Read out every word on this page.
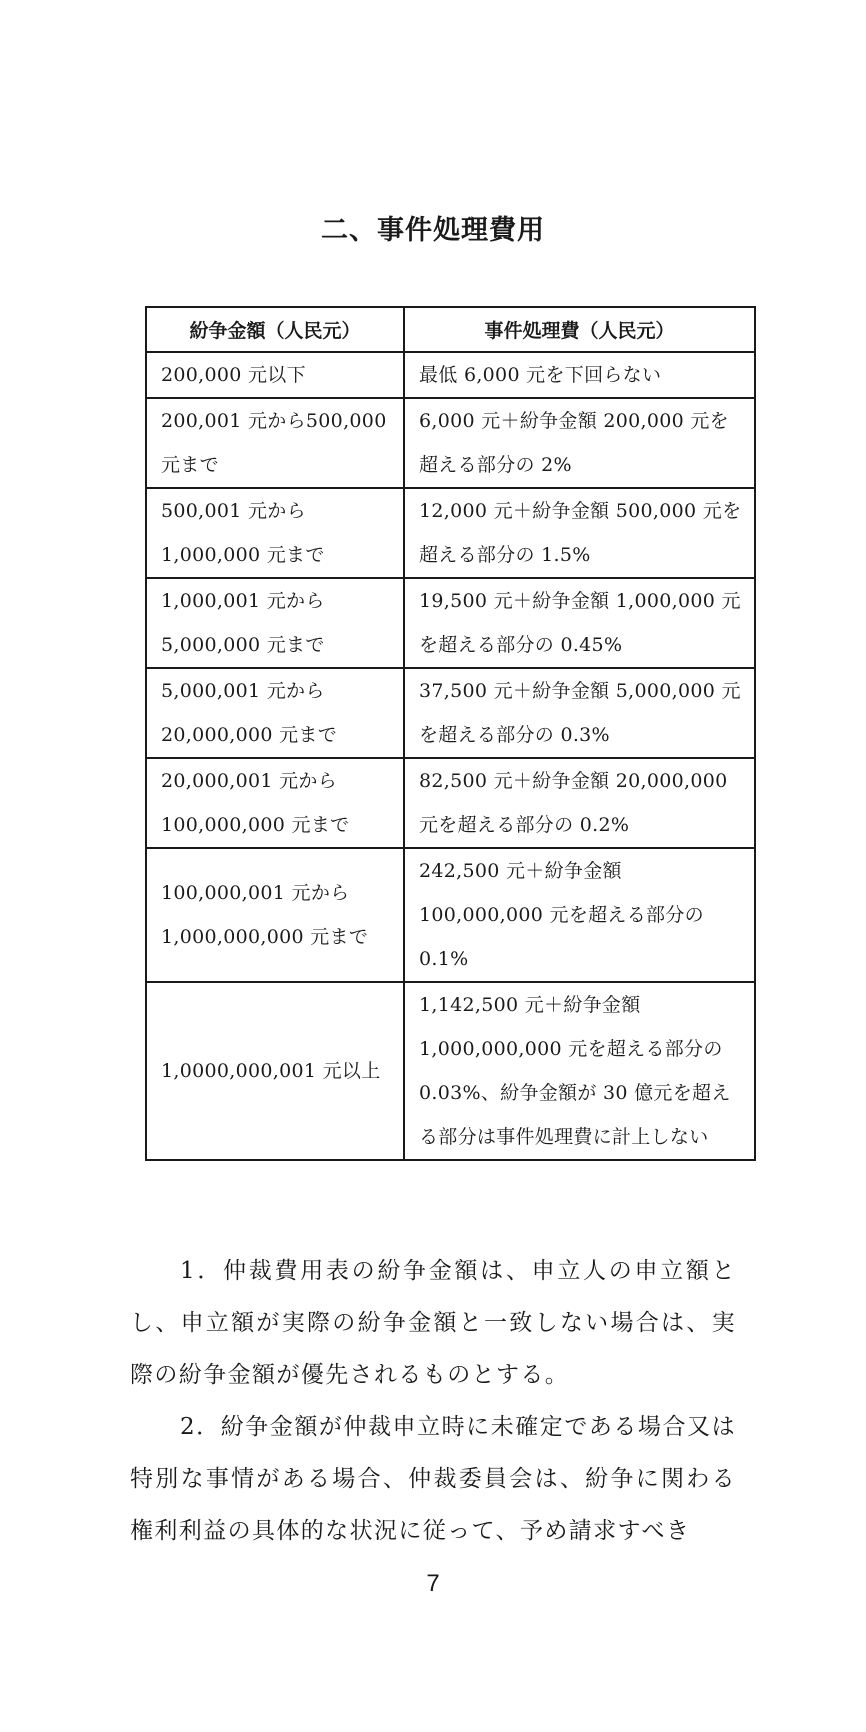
二、事件処理費用
紛争金額（人民元）	事件処理費（人民元）
200,000 元以下	最低 6,000 元を下回らない
200,001 元から500,000 元まで	6,000 元＋紛争金額 200,000 元を超える部分の 2%
500,001 元から1,000,000 元まで	12,000 元＋紛争金額 500,000 元を超える部分の 1.5%
1,000,001 元から5,000,000 元まで	19,500 元＋紛争金額 1,000,000 元を超える部分の 0.45%
5,000,001 元から20,000,000 元まで	37,500 元＋紛争金額 5,000,000 元を超える部分の 0.3%
20,000,001 元から100,000,000 元まで	82,500 元＋紛争金額 20,000,000 元を超える部分の 0.2%
100,000,001 元から1,000,000,000 元まで	242,500 元＋紛争金額 100,000,000 元を超える部分の 0.1%
1,0000,000,001 元以上	1,142,500 元＋紛争金額 1,000,000,000 元を超える部分の 0.03%、紛争金額が 30 億元を超える部分は事件処理費に計上しない

1．仲裁費用表の紛争金額は、申立人の申立額とし、申立額が実際の紛争金額と一致しない場合は、実際の紛争金額が優先されるものとする。

2．紛争金額が仲裁申立時に未確定である場合又は特別な事情がある場合、仲裁委員会は、紛争に関わる権利利益の具体的な状況に従って、予め請求すべき

7
